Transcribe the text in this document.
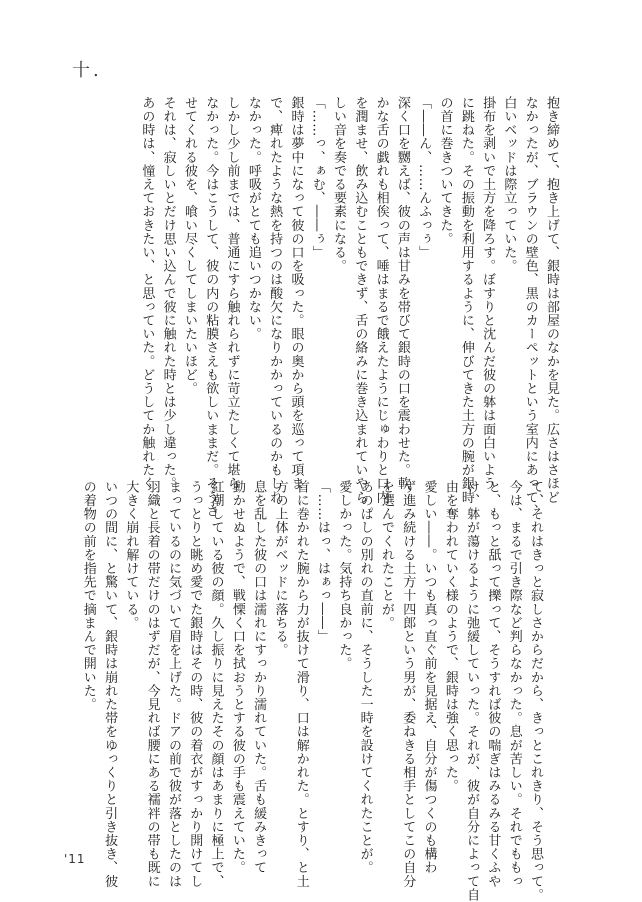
十.

抱き締めて、抱き上げて、銀時は部屋のなかを見た。広さはさほど

なかったが、ブラウンの壁色、黒のカーペットという室内にあって、

白いベッドは際立っていた。

掛布を剥いで土方を降ろす。ぼすりと沈んだ彼の躰は面白いよう

に跳ねた。その振動を利用するように、伸びてきた土方の腕が銀時

の首に巻きついてきた。

「――ん、……んふっぅ」

深く口を嬲えば、彼の声は甘みを帯びて銀時の口を震わせた。軟

かな舌の戯れも相俟って、唾はまるで餓えたようにじゅわりと口内

を潤ませ、飲み込むこともできず、舌の絡みに巻き込まれていやら

しい音を奏でる要素になる。

「……っ、ぁむ、――ぅ」

銀時は夢中になって彼の口を吸った。眼の奥から頭を巡って項ま

で、痺れたような熱を持つのは酸欠になりかかっているのかもしれ

なかった。呼吸がとても追いつかない。

しかし少し前までは、普通にすら触れられずに苛立たしくて堪ら

なかった。今はこうして、彼の内の粘膜さえも欲しいままだ。そうさ

せてくれる彼を、喰い尽くしてしまいたいほど。

それは、寂しいとだけ思い込んで彼に触れた時とは少し違った。

あの時は、憧えておきたい、と思っていた。どうしてか触れたく

て、それはきっと寂しさからだから、きっとこれきり、そう思って。

今は、まるで引き際など判らなかった。息が苦しい。それでももっ

と、もっと舐って擽って、そうすれば彼の喘ぎはみるみる甘くふや

け、躰が蕩けるように弛緩していった。それが、彼が自分によって自

由を奪われていく様のようで、銀時は強く思った。

愛しい――。いつも真っ直ぐ前を見据え、自分が傷つくのも構わ

ず進み続ける土方十四郎という男が、委ねきる相手としてこの自分

を選んでくれたことが。

あのぱしの別れの直前に、そうした一時を設けてくれたことが。

愛しかった。気持ち良かった。

「……はっ、はぁっ――」

首に巻かれた腕から力が抜けて滑り、口は解かれた。とすり、と土

方の上体がベッドに落ちる。

息を乱した彼の口は濡れにすっかり濡れていた。舌も緩みきって

動かせぬようで、戦慄く口を拭おうとする彼の手も震えていた。

紅潮している彼の顔。久し振りに見えたその顔はあまりに極上で、

うっとりと眺め愛でた銀時はその時、彼の着衣がすっかり開けてし

まっているのに気づいて眉を上げた。ドアの前で彼が落としたのは

羽織と長着の帯だけのはずだが、今見れば腰にある襦袢の帯も既に

大きく崩れ解けている。

いつの間に、と驚いて、銀時は崩れた帯をゆっくりと引き抜き、彼

の着物の前を指先で摘まんで開いた。

'11
